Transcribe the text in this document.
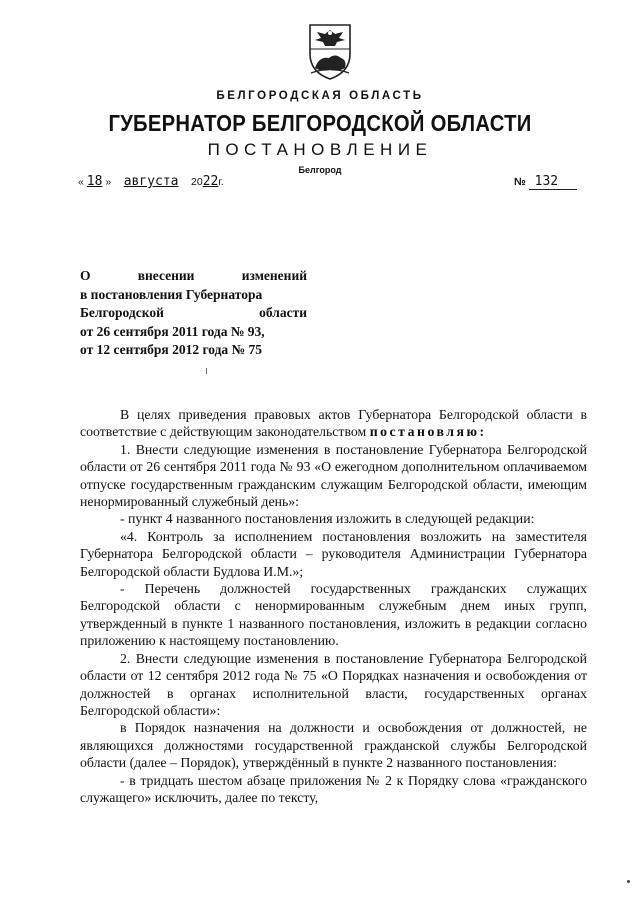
БЕЛГОРОДСКАЯ ОБЛАСТЬ
ГУБЕРНАТОР БЕЛГОРОДСКОЙ ОБЛАСТИ
ПОСТАНОВЛЕНИЕ
Белгород
« 18 » августа 2022г.	№ 132
О внесении изменений
в постановления Губернатора
Белгородской области
от 26 сентября 2011 года № 93,
от 12 сентября 2012 года № 75

В целях приведения правовых актов Губернатора Белгородской области в соответствие с действующим законодательством постановляю:

1. Внести следующие изменения в постановление Губернатора Белгородской области от 26 сентября 2011 года № 93 «О ежегодном дополнительном оплачиваемом отпуске государственным гражданским служащим Белгородской области, имеющим ненормированный служебный день»:

- пункт 4 названного постановления изложить в следующей редакции:

«4. Контроль за исполнением постановления возложить на заместителя Губернатора Белгородской области – руководителя Администрации Губернатора Белгородской области Будлова И.М.»;

- Перечень должностей государственных гражданских служащих Белгородской области с ненормированным служебным днем иных групп, утвержденный в пункте 1 названного постановления, изложить в редакции согласно приложению к настоящему постановлению.

2. Внести следующие изменения в постановление Губернатора Белгородской области от 12 сентября 2012 года № 75 «О Порядках назначения и освобождения от должностей в органах исполнительной власти, государственных органах Белгородской области»:

в Порядок назначения на должности и освобождения от должностей, не являющихся должностями государственной гражданской службы Белгородской области (далее – Порядок), утверждённый в пункте 2 названного постановления:

- в тридцать шестом абзаце приложения № 2 к Порядку слова «гражданского служащего» исключить, далее по тексту,
